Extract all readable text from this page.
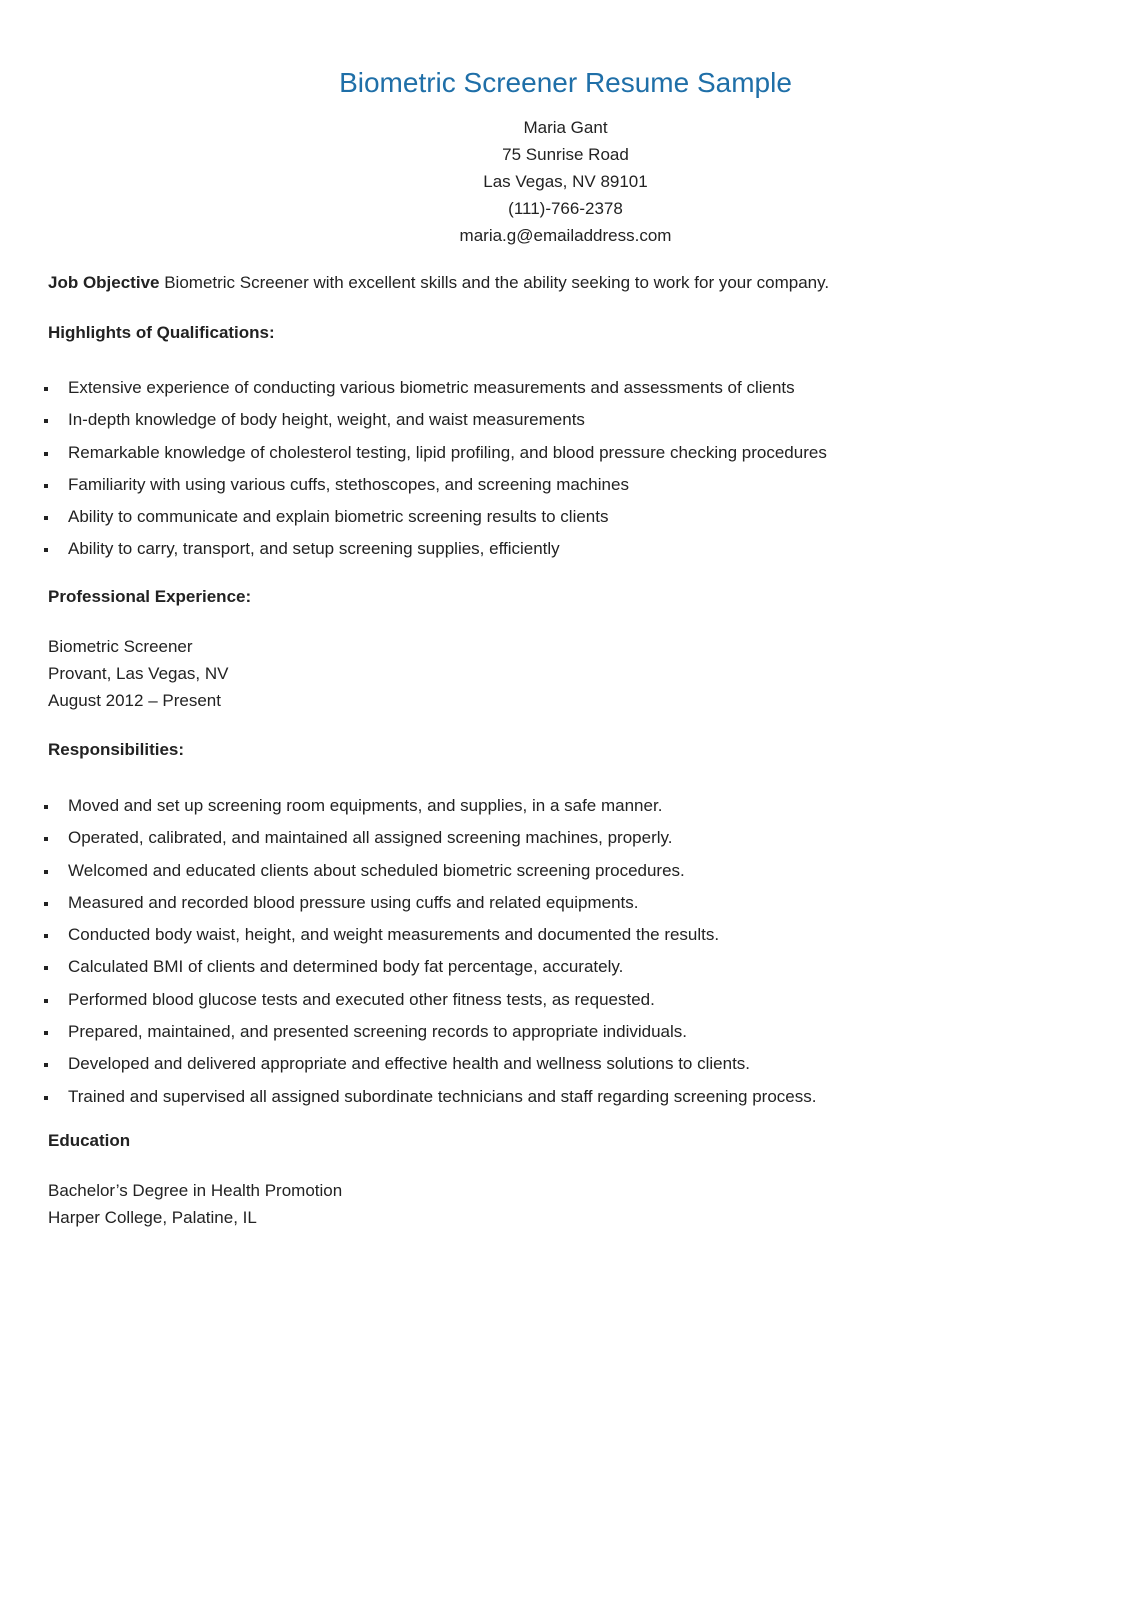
Biometric Screener Resume Sample
Maria Gant
75 Sunrise Road
Las Vegas, NV 89101
(111)-766-2378
maria.g@emailaddress.com
Job Objective Biometric Screener with excellent skills and the ability seeking to work for your company.
Highlights of Qualifications:
Extensive experience of conducting various biometric measurements and assessments of clients
In-depth knowledge of body height, weight, and waist measurements
Remarkable knowledge of cholesterol testing, lipid profiling, and blood pressure checking procedures
Familiarity with using various cuffs, stethoscopes, and screening machines
Ability to communicate and explain biometric screening results to clients
Ability to carry, transport, and setup screening supplies, efficiently
Professional Experience:
Biometric Screener
Provant, Las Vegas, NV
August 2012 – Present
Responsibilities:
Moved and set up screening room equipments, and supplies, in a safe manner.
Operated, calibrated, and maintained all assigned screening machines, properly.
Welcomed and educated clients about scheduled biometric screening procedures.
Measured and recorded blood pressure using cuffs and related equipments.
Conducted body waist, height, and weight measurements and documented the results.
Calculated BMI of clients and determined body fat percentage, accurately.
Performed blood glucose tests and executed other fitness tests, as requested.
Prepared, maintained, and presented screening records to appropriate individuals.
Developed and delivered appropriate and effective health and wellness solutions to clients.
Trained and supervised all assigned subordinate technicians and staff regarding screening process.
Education
Bachelor’s Degree in Health Promotion
Harper College, Palatine, IL
